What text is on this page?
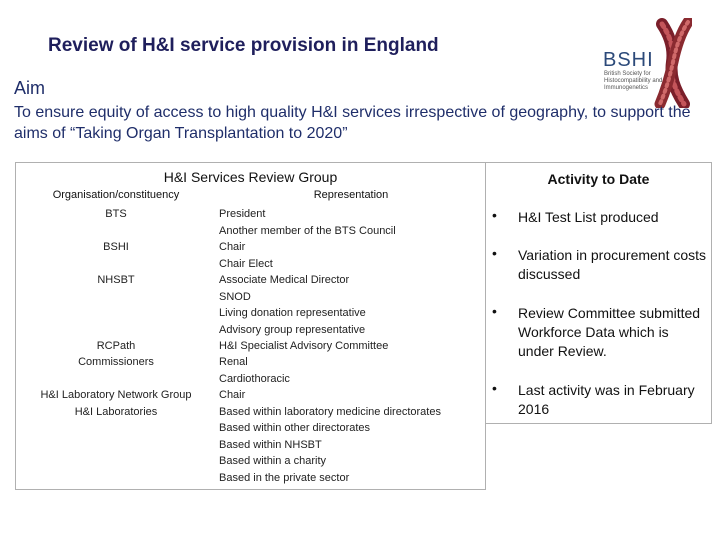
Review of H&I service provision in England
BSHI
British Society for Histocompatibility and Immunogenetics
Aim
To ensure equity of access to high quality H&I services irrespective of geography, to support the aims of “Taking Organ Transplantation to 2020”
H&I Services Review Group
Organisation/constituency	Representation
BTS
BSHI
NHSBT
RCPath
Commissioners
H&I Laboratory Network Group
H&I Laboratories
President
Another member of the BTS Council
Chair
Chair Elect
Associate Medical Director
SNOD
Living donation representative
Advisory group representative
H&I Specialist Advisory Committee
Renal
Cardiothoracic
Chair
Based within laboratory medicine directorates
Based within other directorates
Based within NHSBT
Based within a charity
Based in the private sector
Activity to Date
• H&I Test List produced
• Variation in procurement costs discussed
• Review Committee submitted Workforce Data which is under Review.
• Last activity was in February 2016
